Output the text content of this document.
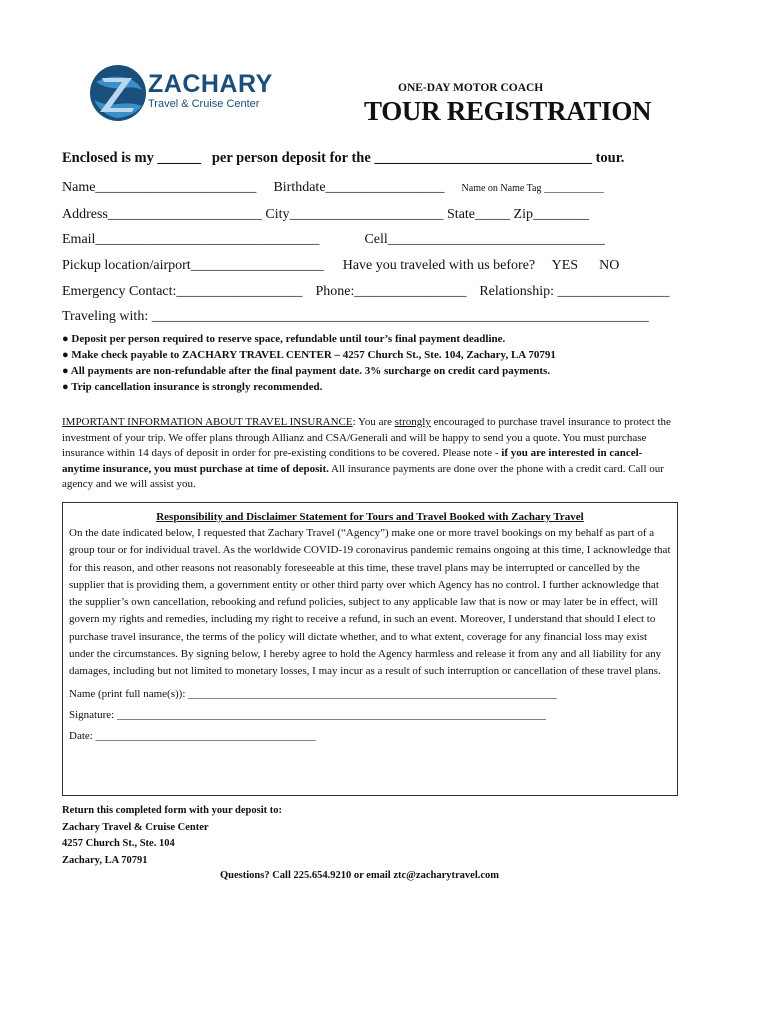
ZACHARY
Travel & Cruise Center
ONE-DAY MOTOR COACH
TOUR REGISTRATION
Enclosed is my ______ per person deposit for the ______________________________ tour.
Name_______________________ Birthdate_________________ Name on Name Tag ____________
Address______________________ City______________________ State_____ Zip________
Email________________________________	Cell_______________________________
Pickup location/airport___________________ Have you traveled with us before? YES NO
Emergency Contact:__________________ Phone:________________ Relationship: ________________
Traveling with: _______________________________________________________________________
● Deposit per person required to reserve space, refundable until tour’s final payment deadline.
● Make check payable to ZACHARY TRAVEL CENTER – 4257 Church St., Ste. 104, Zachary, LA 70791
● All payments are non-refundable after the final payment date. 3% surcharge on credit card payments.
● Trip cancellation insurance is strongly recommended.
IMPORTANT INFORMATION ABOUT TRAVEL INSURANCE: You are strongly encouraged to purchase travel insurance to protect the investment of your trip. We offer plans through Allianz and CSA/Generali and will be happy to send you a quote. You must purchase insurance within 14 days of deposit in order for pre-existing conditions to be covered. Please note - if you are interested in cancel-anytime insurance, you must purchase at time of deposit. All insurance payments are done over the phone with a credit card. Call our agency and we will assist you.
Responsibility and Disclaimer Statement for Tours and Travel Booked with Zachary Travel
On the date indicated below, I requested that Zachary Travel (“Agency”) make one or more travel bookings on my behalf as part of a group tour or for individual travel. As the worldwide COVID-19 coronavirus pandemic remains ongoing at this time, I acknowledge that for this reason, and other reasons not reasonably foreseeable at this time, these travel plans may be interrupted or cancelled by the supplier that is providing them, a government entity or other third party over which Agency has no control. I further acknowledge that the supplier’s own cancellation, rebooking and refund policies, subject to any applicable law that is now or may later be in effect, will govern my rights and remedies, including my right to receive a refund, in such an event. Moreover, I understand that should I elect to purchase travel insurance, the terms of the policy will dictate whether, and to what extent, coverage for any financial loss may exist under the circumstances. By signing below, I hereby agree to hold the Agency harmless and release it from any and all liability for any damages, including but not limited to monetary losses, I may incur as a result of such interruption or cancellation of these travel plans.
Name (print full name(s)): ___________________________________________________________________
Signature: ______________________________________________________________________________
Date: ________________________________________
Return this completed form with your deposit to:
Zachary Travel & Cruise Center
4257 Church St., Ste. 104
Zachary, LA 70791
Questions? Call 225.654.9210 or email ztc@zacharytravel.com
